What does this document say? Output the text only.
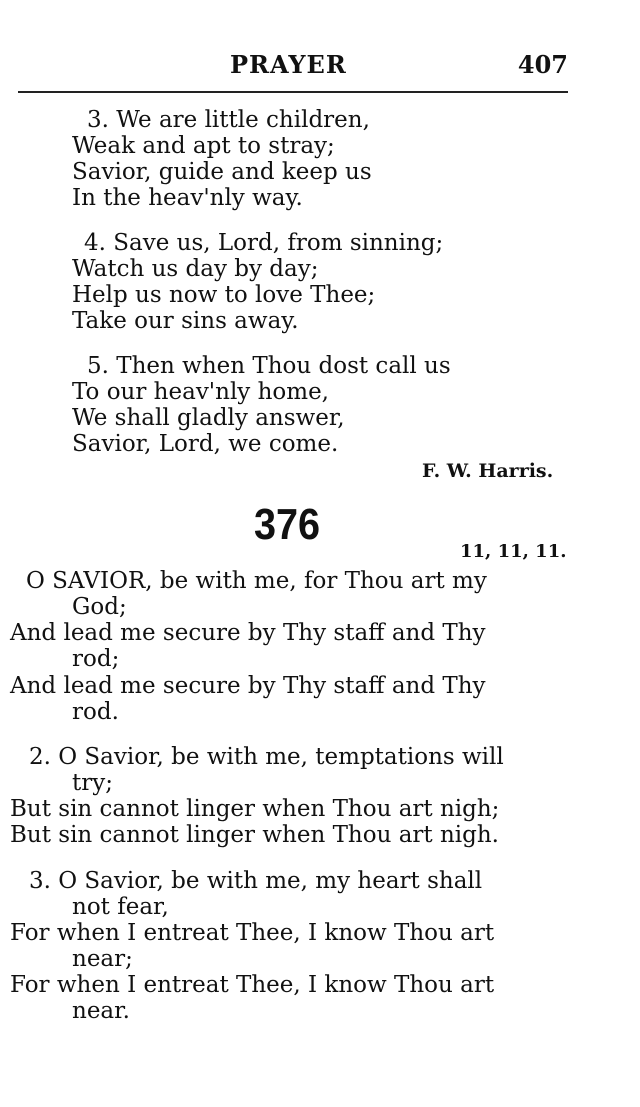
PRAYER	407
3. We are little children,
Weak and apt to stray;
Savior, guide and keep us
In the heav'nly way.
4. Save us, Lord, from sinning;
Watch us day by day;
Help us now to love Thee;
Take our sins away.
5. Then when Thou dost call us
To our heav'nly home,
We shall gladly answer,
Savior, Lord, we come.
F. W. Harris.
376
11, 11, 11.
O SAVIOR, be with me, for Thou art my
God;
And lead me secure by Thy staff and Thy
rod;
And lead me secure by Thy staff and Thy
rod.
2. O Savior, be with me, temptations will
try;
But sin cannot linger when Thou art nigh;
But sin cannot linger when Thou art nigh.
3. O Savior, be with me, my heart shall
not fear,
For when I entreat Thee, I know Thou art
near;
For when I entreat Thee, I know Thou art
near.
